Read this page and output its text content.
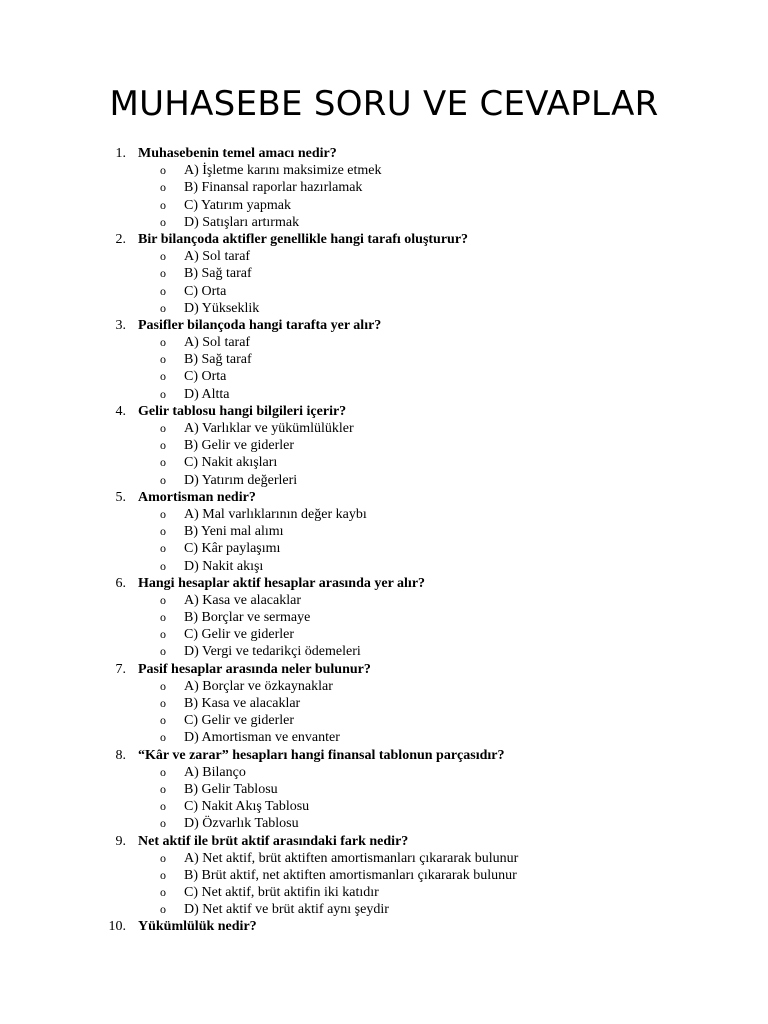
MUHASEBE SORU VE CEVAPLAR
1. Muhasebenin temel amacı nedir?
o A) İşletme karını maksimize etmek
o B) Finansal raporlar hazırlamak
o C) Yatırım yapmak
o D) Satışları artırmak
2. Bir bilançoda aktifler genellikle hangi tarafı oluşturur?
o A) Sol taraf
o B) Sağ taraf
o C) Orta
o D) Yükseklik
3. Pasifler bilançoda hangi tarafta yer alır?
o A) Sol taraf
o B) Sağ taraf
o C) Orta
o D) Altta
4. Gelir tablosu hangi bilgileri içerir?
o A) Varlıklar ve yükümlülükler
o B) Gelir ve giderler
o C) Nakit akışları
o D) Yatırım değerleri
5. Amortisman nedir?
o A) Mal varlıklarının değer kaybı
o B) Yeni mal alımı
o C) Kâr paylaşımı
o D) Nakit akışı
6. Hangi hesaplar aktif hesaplar arasında yer alır?
o A) Kasa ve alacaklar
o B) Borçlar ve sermaye
o C) Gelir ve giderler
o D) Vergi ve tedarikçi ödemeleri
7. Pasif hesaplar arasında neler bulunur?
o A) Borçlar ve özkaynaklar
o B) Kasa ve alacaklar
o C) Gelir ve giderler
o D) Amortisman ve envanter
8. “Kâr ve zarar” hesapları hangi finansal tablonun parçasıdır?
o A) Bilanço
o B) Gelir Tablosu
o C) Nakit Akış Tablosu
o D) Özvarlık Tablosu
9. Net aktif ile brüt aktif arasındaki fark nedir?
o A) Net aktif, brüt aktiften amortismanları çıkararak bulunur
o B) Brüt aktif, net aktiften amortismanları çıkararak bulunur
o C) Net aktif, brüt aktifin iki katıdır
o D) Net aktif ve brüt aktif aynı şeydir
10. Yükümlülük nedir?
